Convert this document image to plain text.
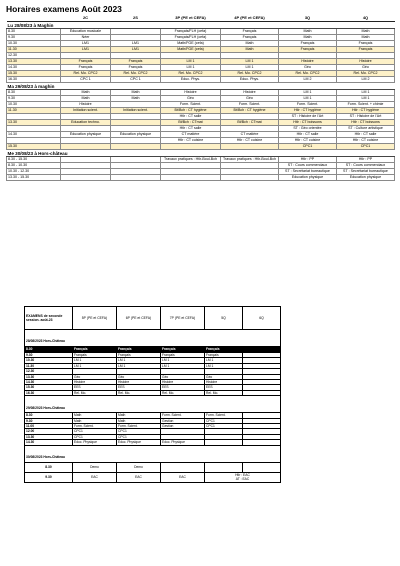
Horaires examens Août 2023
	2C	2S	3P (PE et CEFA)	4P (PE et CEFA)	3Q	4Q
Lu 28/08/23 à Maghin						
8.30	Éducation musicale		Français/FLH (cefa)	Français	Math	Math
9.30	Néer		Français/FLH (cefa)	Français	Math	Math
10.30	LM1	LM1	Math/FGE (cefa)	Math	Français	Français
11.30	LM1	LM1	Math/FGE (cefa)	Math	Français	Français
12.30						
13.30	Français	Français	LM 1	LM 1	Histoire	Histoire
14.30	Français	Français	LM 1	LM 1	Géo	Géo
15.30	Rel. Mo. CPC2	Rel. Mo. CPC2	Rel. Mo. CPC2	Rel. Mo. CPC2	Rel. Mo. CPC2	Rel. Mo. CPC2
16.30	CPC 1	CPC 1	Educ. Phys.	Educ. Phys.	LM 2	LM 2
Ma 29/08/23 à maghin						
8.30	Math	Math	Histoire	Histoire	LM 1	LM 1
9.30	Math	Math	Géo	Géo	LM 1	LM 1
10.30	Histoire		Form. Scient.	Form. Scient.	Form. Scient.	Form. Scient. + chimie
11.30	Initiation scient.	Initiation scient.	Bt/Bch : CT hygiène	Bt/Bch : CT hygiène	Htlr : CT hygiène	Htlr : CT hygiène
			Htlr : CT salle		ST : Histoire de l'Art	ST : Histoire de l'Art
13.30	Education techno.		Bt/Bch : CTmat	Bt/Bch : CTmat	Htlr : CT boissons	Htlr : CT boissons
			Htlr : CT salle		ST : Géo orientée	ST : Culture artistique
14.30	Éducation physique	Éducation physique	CT matière	CT matière	Htlr : CT salle	Htlr : CT salle
			Htlr : CT cuisine	Htlr : CT cuisine	Htlr : CT cuisine	Htlr : CT cuisine
15.30					CPC1	CPC1
Me 30/08/23 à Hors-château						
8.30 - 15.30			Travaux pratiques : Htlr-Boul-Bch	Travaux pratiques : Htlr-Boul-Bch	Htlr : PP	Htlr : PP
8.30 - 10.30					ST : Cours commerciaux	ST : Cours commerciaux
10.30 - 12.30					ST : Secrétariat bureautique	ST : Secrétariat bureautique
13.30 - 15.30					Education physique	Education physique
EXAMENS de seconde session. août-23	5P (PE et CEFA)	6P (PE et CEFA)	7P (PE et CEFA)	5Q	6Q

28/08/2023 Hors-Château					
8.30	Français	Français	Français	Français	
9.30	Français	Français	Français	Français	
10.30	LM 1	LM 1	LM 1	LM 1	
11.30	LM 1	LM 1	LM 1	LM 1	
12.30					
13.30	Géo	Géo	Géo	Géo	
14.30	Histoire	Histoire	Histoire	Histoire	
15.30	EES	EES	EES	EES	
16.30	Rel. Mo.	Rel. Mo.	Rel. Mo.	Rel. Mo.	

29/08/2023 Hors-Château					
8.30	Math	Math	Form. Scient.	Form. Scient.	
9.30	Math	Math	Gestion	CPC1	
11.00	Form. Scient.	Form. Scient.	Gestion	CPC1	
12.00	CPC1	CPC1			
13.30	CPC1	CPC1			
14.30	Educ. Physique	Educ. Physique	Educ. Physique		

30/08/2023 Hors-Château					
8.30	Demo	Demo			
9.30	EAC	EAC	EAC	Htlr : EAC
AT : EAC	
